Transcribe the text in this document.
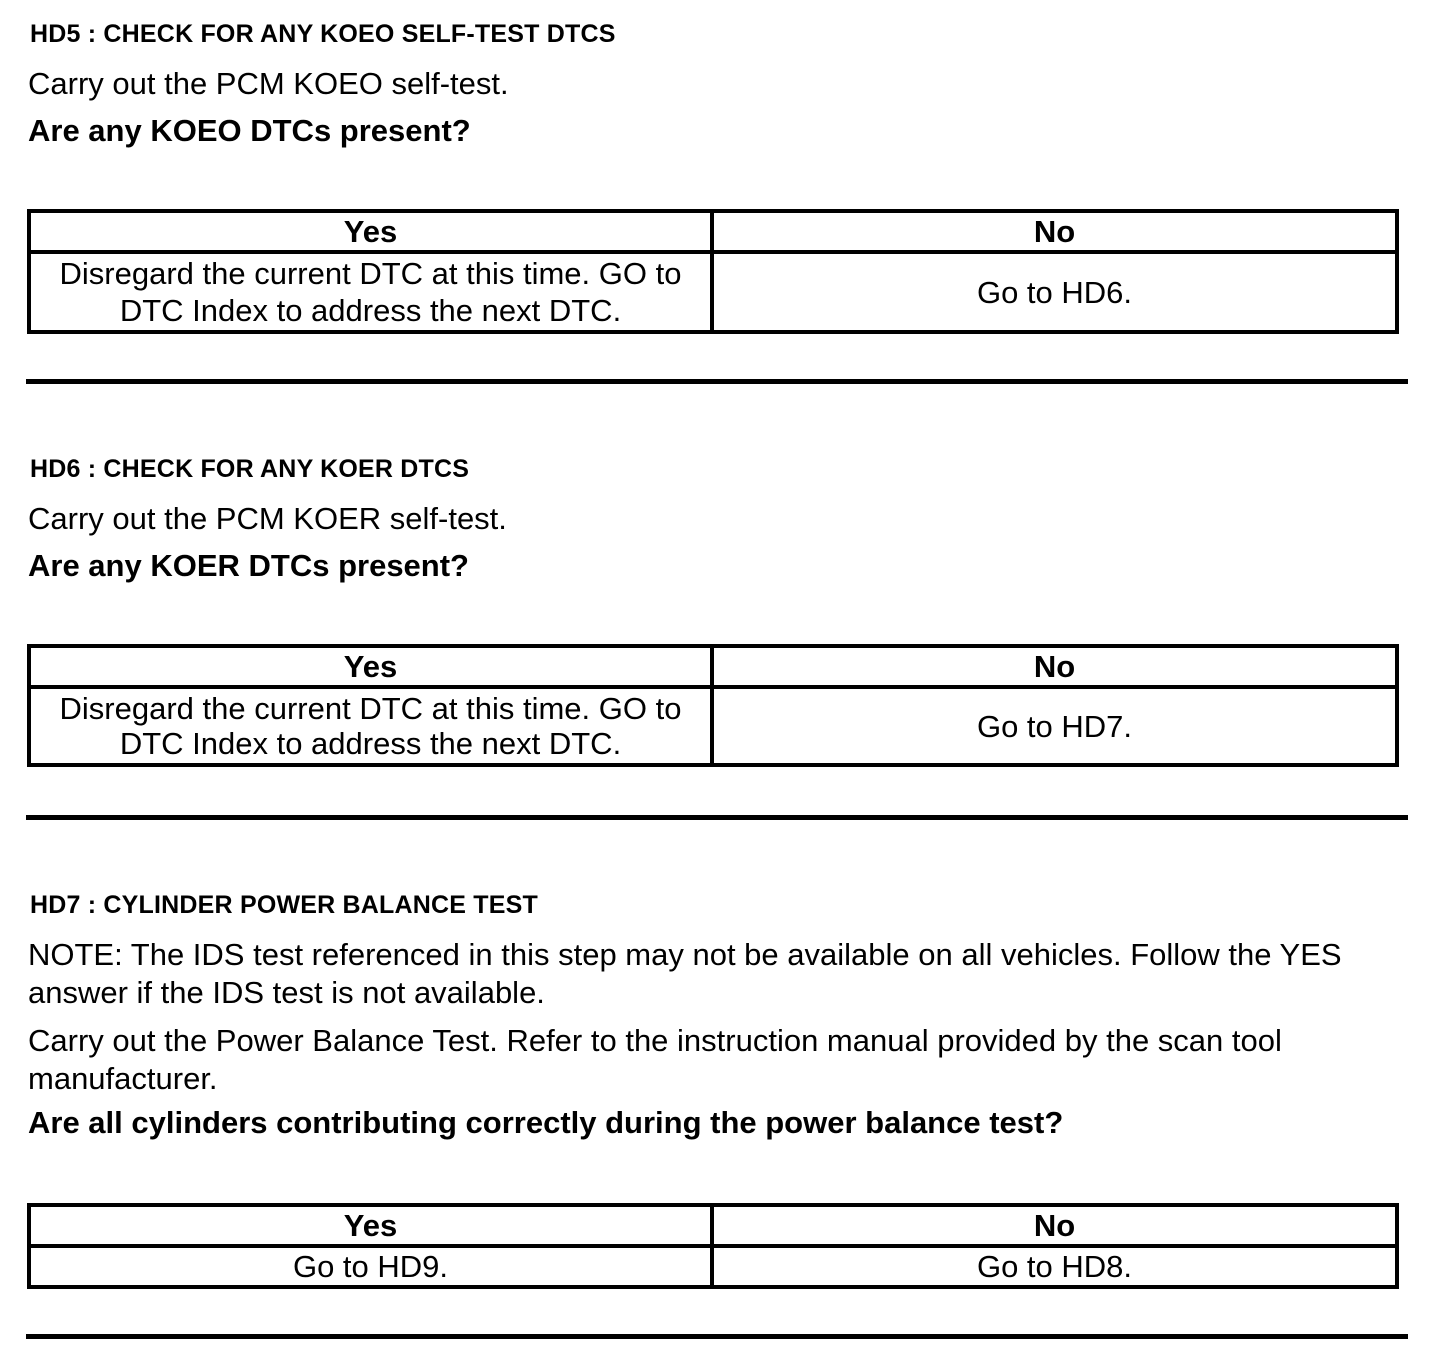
HD5 : CHECK FOR ANY KOEO SELF-TEST DTCS
Carry out the PCM KOEO self-test.
Are any KOEO DTCs present?
Yes	No
Disregard the current DTC at this time. GO to DTC Index to address the next DTC.	Go to HD6.
HD6 : CHECK FOR ANY KOER DTCS
Carry out the PCM KOER self-test.
Are any KOER DTCs present?
Yes	No
Disregard the current DTC at this time. GO to DTC Index to address the next DTC.	Go to HD7.
HD7 : CYLINDER POWER BALANCE TEST
NOTE: The IDS test referenced in this step may not be available on all vehicles. Follow the YES answer if the IDS test is not available.
Carry out the Power Balance Test. Refer to the instruction manual provided by the scan tool manufacturer.
Are all cylinders contributing correctly during the power balance test?
Yes	No
Go to HD9.	Go to HD8.
